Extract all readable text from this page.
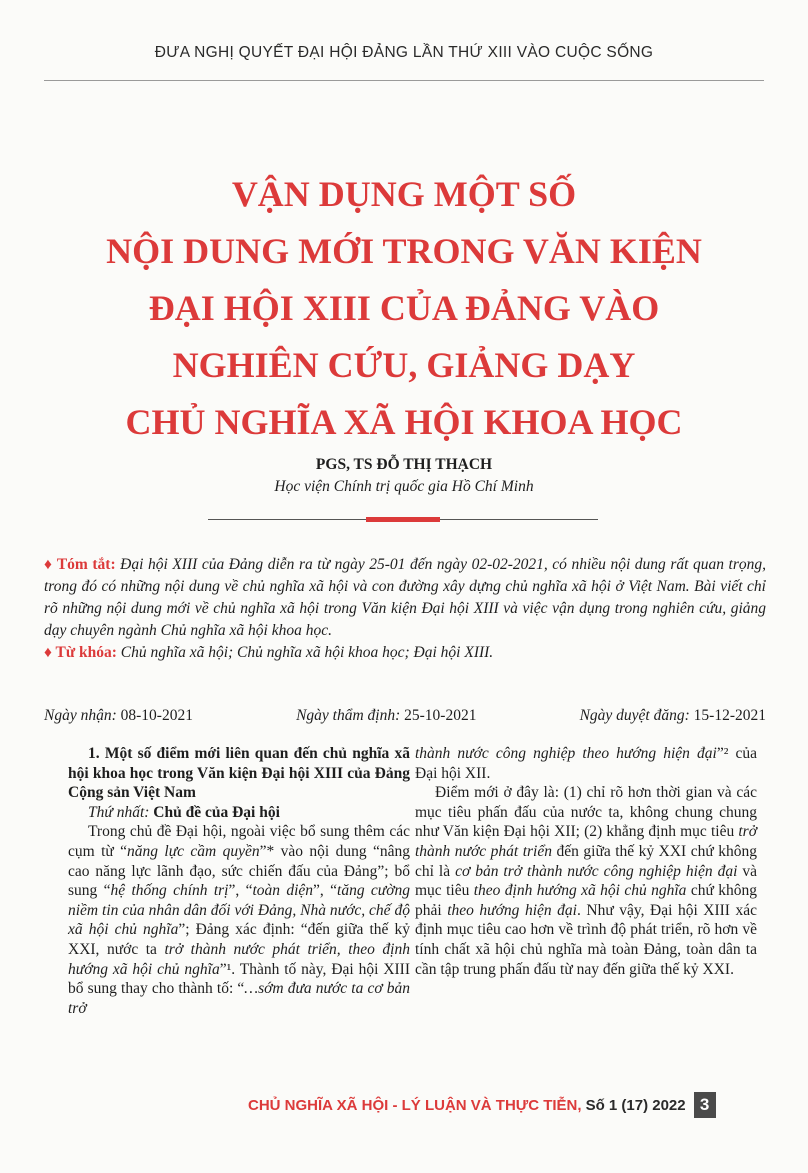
ĐƯA NGHỊ QUYẾT ĐẠI HỘI ĐẢNG LẦN THỨ XIII VÀO CUỘC SỐNG
VẬN DỤNG MỘT SỐ
NỘI DUNG MỚI TRONG VĂN KIỆN
ĐẠI HỘI XIII CỦA ĐẢNG VÀO
NGHIÊN CỨU, GIẢNG DẠY
CHỦ NGHĨA XÃ HỘI KHOA HỌC
PGS, TS ĐỖ THỊ THẠCH
Học viện Chính trị quốc gia Hồ Chí Minh
♦ Tóm tắt: Đại hội XIII của Đảng diễn ra từ ngày 25-01 đến ngày 02-02-2021, có nhiều nội dung rất quan trọng, trong đó có những nội dung về chủ nghĩa xã hội và con đường xây dựng chủ nghĩa xã hội ở Việt Nam. Bài viết chỉ rõ những nội dung mới về chủ nghĩa xã hội trong Văn kiện Đại hội XIII và việc vận dụng trong nghiên cứu, giảng dạy chuyên ngành Chủ nghĩa xã hội khoa học.
♦ Từ khóa: Chủ nghĩa xã hội; Chủ nghĩa xã hội khoa học; Đại hội XIII.
Ngày nhận: 08-10-2021	Ngày thẩm định: 25-10-2021	Ngày duyệt đăng: 15-12-2021

1. Một số điểm mới liên quan đến chủ nghĩa xã hội khoa học trong Văn kiện Đại hội XIII của Đảng Cộng sản Việt Nam

Thứ nhất: Chủ đề của Đại hội

Trong chủ đề Đại hội, ngoài việc bổ sung thêm các cụm từ “năng lực cầm quyền”* vào nội dung “nâng cao năng lực lãnh đạo, sức chiến đấu của Đảng”; bổ sung “hệ thống chính trị”, “toàn diện”, “tăng cường niềm tin của nhân dân đối với Đảng, Nhà nước, chế độ xã hội chủ nghĩa”; Đảng xác định: “đến giữa thế kỷ XXI, nước ta trở thành nước phát triển, theo định hướng xã hội chủ nghĩa”¹. Thành tố này, Đại hội XIII bổ sung thay cho thành tố: “…sớm đưa nước ta cơ bản trở

thành nước công nghiệp theo hướng hiện đại”² của Đại hội XII.

Điểm mới ở đây là: (1) chỉ rõ hơn thời gian và các mục tiêu phấn đấu của nước ta, không chung chung như Văn kiện Đại hội XII; (2) khẳng định mục tiêu trở thành nước phát triển đến giữa thế kỷ XXI chứ không chỉ là cơ bản trở thành nước công nghiệp hiện đại và mục tiêu theo định hướng xã hội chủ nghĩa chứ không phải theo hướng hiện đại. Như vậy, Đại hội XIII xác định mục tiêu cao hơn về trình độ phát triển, rõ hơn về tính chất xã hội chủ nghĩa mà toàn Đảng, toàn dân ta cần tập trung phấn đấu từ nay đến giữa thế kỷ XXI.

CHỦ NGHĨA XÃ HỘI - LÝ LUẬN VÀ THỰC TIỄN, Số 1 (17) 2022 3
